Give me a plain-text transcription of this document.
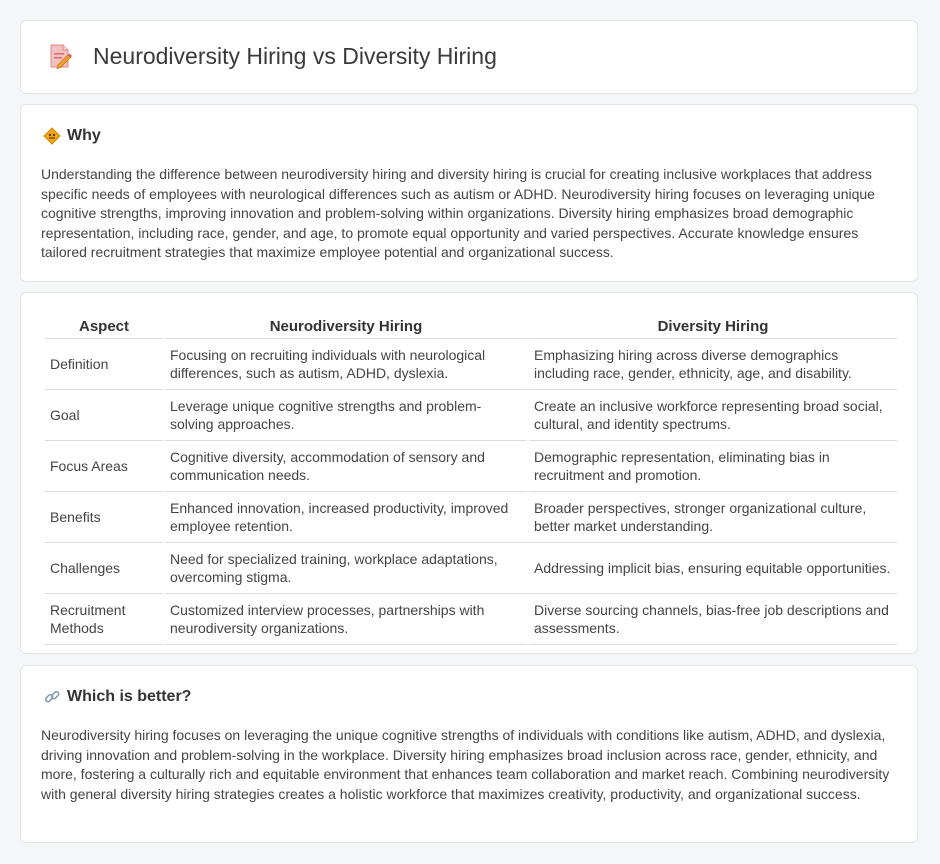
Neurodiversity Hiring vs Diversity Hiring
Why

Understanding the difference between neurodiversity hiring and diversity hiring is crucial for creating inclusive workplaces that address specific needs of employees with neurological differences such as autism or ADHD. Neurodiversity hiring focuses on leveraging unique cognitive strengths, improving innovation and problem-solving within organizations. Diversity hiring emphasizes broad demographic representation, including race, gender, and age, to promote equal opportunity and varied perspectives. Accurate knowledge ensures tailored recruitment strategies that maximize employee potential and organizational success.

Aspect	Neurodiversity Hiring	Diversity Hiring
Definition	Focusing on recruiting individuals with neurological differences, such as autism, ADHD, dyslexia.	Emphasizing hiring across diverse demographics including race, gender, ethnicity, age, and disability.
Goal	Leverage unique cognitive strengths and problem-solving approaches.	Create an inclusive workforce representing broad social, cultural, and identity spectrums.
Focus Areas	Cognitive diversity, accommodation of sensory and communication needs.	Demographic representation, eliminating bias in recruitment and promotion.
Benefits	Enhanced innovation, increased productivity, improved employee retention.	Broader perspectives, stronger organizational culture, better market understanding.
Challenges	Need for specialized training, workplace adaptations, overcoming stigma.	Addressing implicit bias, ensuring equitable opportunities.
Recruitment Methods	Customized interview processes, partnerships with neurodiversity organizations.	Diverse sourcing channels, bias-free job descriptions and assessments.
Which is better?

Neurodiversity hiring focuses on leveraging the unique cognitive strengths of individuals with conditions like autism, ADHD, and dyslexia, driving innovation and problem-solving in the workplace. Diversity hiring emphasizes broad inclusion across race, gender, ethnicity, and more, fostering a culturally rich and equitable environment that enhances team collaboration and market reach. Combining neurodiversity with general diversity hiring strategies creates a holistic workforce that maximizes creativity, productivity, and organizational success.
